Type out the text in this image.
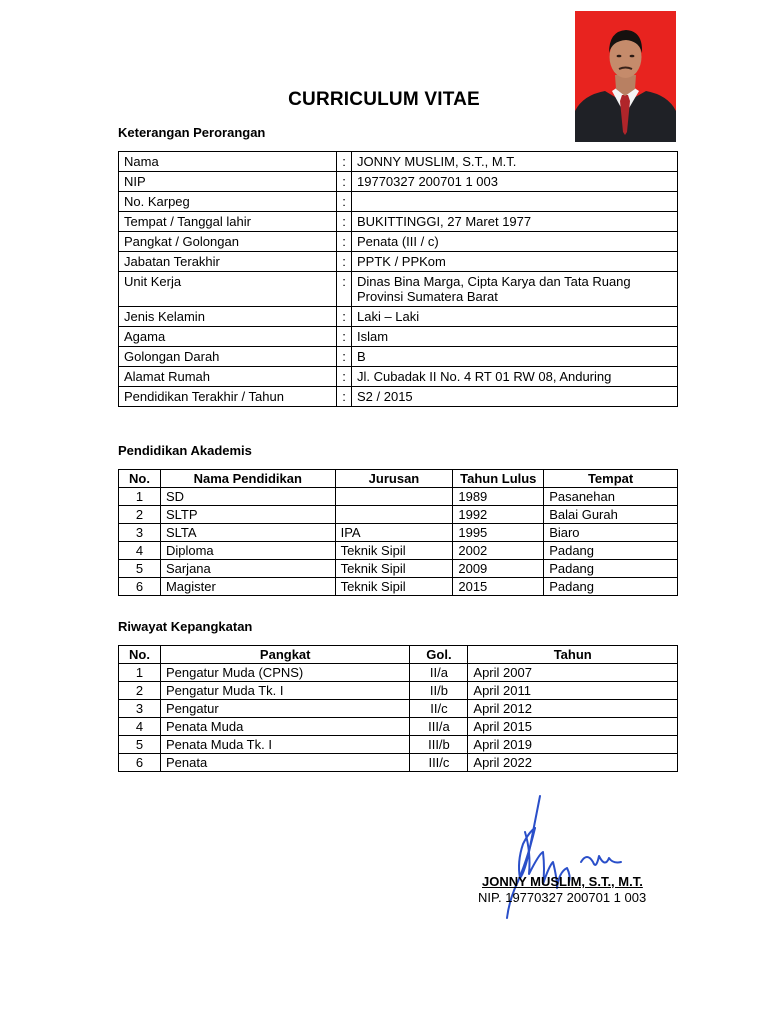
CURRICULUM VITAE
Keterangan Perorangan
Nama	:	JONNY MUSLIM, S.T., M.T.

NIP	:	19770327 200701 1 003

No. Karpeg	:	

Tempat / Tanggal lahir	:	BUKITTINGGI, 27 Maret 1977

Pangkat / Golongan	:	Penata (III / c)

Jabatan Terakhir	:	PPTK / PPKom

Unit Kerja	:	Dinas Bina Marga, Cipta Karya dan Tata Ruang
Provinsi Sumatera Barat

Jenis Kelamin	:	Laki – Laki

Agama	:	Islam

Golongan Darah	:	B

Alamat Rumah	:	Jl. Cubadak II No. 4 RT 01 RW 08, Anduring

Pendidikan Terakhir / Tahun	:	S2 / 2015
Pendidikan Akademis
No.	Nama Pendidikan	Jurusan	Tahun Lulus	Tempat
1	SD		1989	Pasanehan
2	SLTP		1992	Balai Gurah
3	SLTA	IPA	1995	Biaro
4	Diploma	Teknik Sipil	2002	Padang
5	Sarjana	Teknik Sipil	2009	Padang
6	Magister	Teknik Sipil	2015	Padang
Riwayat Kepangkatan
No.	Pangkat	Gol.	Tahun
1	Pengatur Muda (CPNS)	II/a	April 2007
2	Pengatur Muda Tk. I	II/b	April 2011
3	Pengatur	II/c	April 2012
4	Penata Muda	III/a	April 2015
5	Penata Muda Tk. I	III/b	April 2019
6	Penata	III/c	April 2022
JONNY MUSLIM, S.T., M.T.
NIP. 19770327 200701 1 003
